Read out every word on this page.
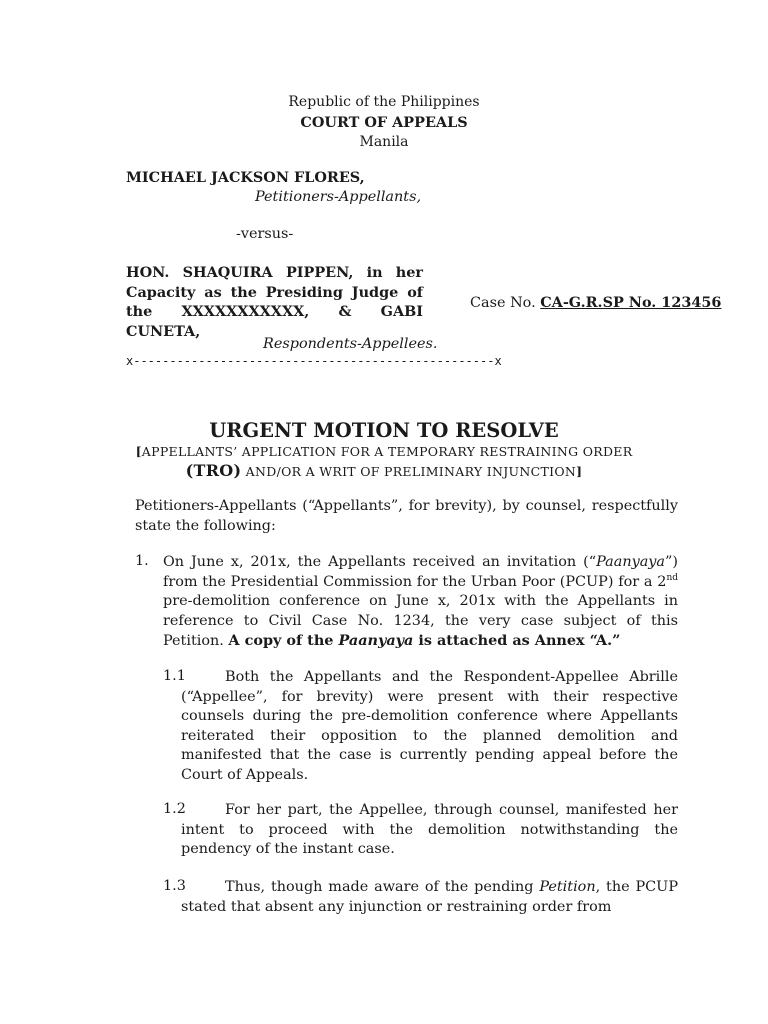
Republic of the Philippines
COURT OF APPEALS
Manila
MICHAEL JACKSON FLORES,
Petitioners-Appellants,
-versus-
HON. SHAQUIRA PIPPEN, in her Capacity as the Presiding Judge of the XXXXXXXXXXX, & GABI CUNETA,
Respondents-Appellees.
x--------------------------------------------------x
Case No. CA-G.R.SP No. 123456
URGENT MOTION TO RESOLVE
[APPELLANTS’ APPLICATION FOR A TEMPORARY RESTRAINING ORDER
(TRO) AND/OR A WRIT OF PRELIMINARY INJUNCTION]
Petitioners-Appellants (“Appellants”, for brevity), by counsel, respectfully state the following:
1. On June x, 201x, the Appellants received an invitation (“Paanyaya”) from the Presidential Commission for the Urban Poor (PCUP) for a 2nd pre-demolition conference on June x, 201x with the Appellants in reference to Civil Case No. 1234, the very case subject of this Petition. A copy of the Paanyaya is attached as Annex “A.”
1.1	Both the Appellants and the Respondent-Appellee Abrille (“Appellee”, for brevity) were present with their respective counsels during the pre-demolition conference where Appellants reiterated their opposition to the planned demolition and manifested that the case is currently pending appeal before the Court of Appeals.
1.2	For her part, the Appellee, through counsel, manifested her intent to proceed with the demolition notwithstanding the pendency of the instant case.
1.3	Thus, though made aware of the pending Petition, the PCUP stated that absent any injunction or restraining order from
